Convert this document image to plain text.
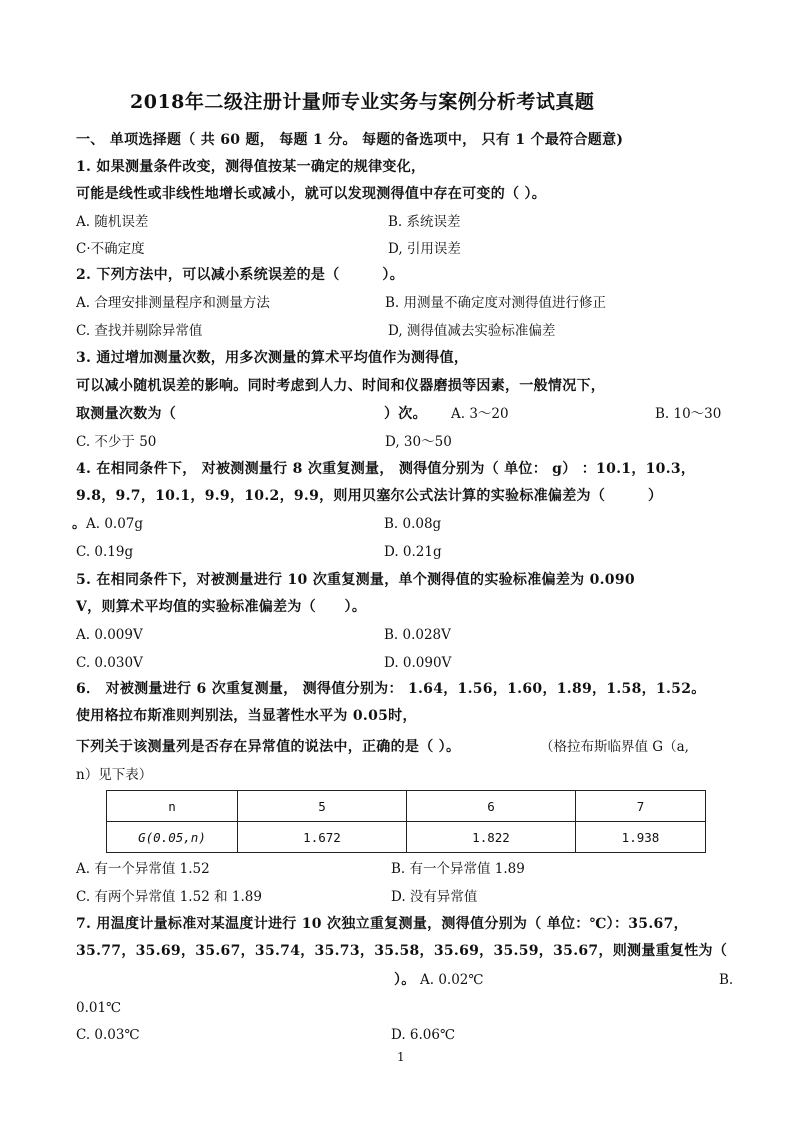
2018年二级注册计量师专业实务与案例分析考试真题
一、 单项选择题（ 共 60 题， 每题 1 分。 每题的备选项中， 只有 1 个最符合题意)
1. 如果测量条件改变，测得值按某一确定的规律变化，
可能是线性或非线性地增长或减小，就可以发现测得值中存在可变的（ ）。
A. 随机误差	B. 系统误差
C·不确定度	D, 引用误差
2. 下列方法中，可以减小系统误差的是（　　　）。
A. 合理安排测量程序和测量方法	B. 用测量不确定度对测得值进行修正
C. 查找并剔除异常值	D, 测得值减去实验标准偏差
3. 通过增加测量次数，用多次测量的算术平均值作为测得值，
可以减小随机误差的影响。同时考虑到人力、时间和仪器磨损等因素，一般情况下，
取测量次数为（	）次。 A. 3～20	B. 10～30
C. 不少于 50	D, 30～50
4. 在相同条件下， 对被测测量行 8 次重复测量， 测得值分别为（ 单位： g） ：10.1，10.3，
9.8，9.7，10.1，9.9，10.2，9.9，则用贝塞尔公式法计算的实验标准偏差为（　　　）
。 A. 0.07g	B. 0.08g
C. 0.19g	D. 0.21g
5. 在相同条件下，对被测量进行 10 次重复测量，单个测得值的实验标准偏差为 0.090
V，则算术平均值的实验标准偏差为（　　）。
A. 0.009V	B. 0.028V
C. 0.030V	D. 0.090V
6． 对被测量进行 6 次重复测量， 测得值分别为： 1.64，1.56，1.60，1.89，1.58，1.52。
使用格拉布斯准则判别法，当显著性水平为 0.05时，
下列关于该测量列是否存在异常值的说法中，正确的是（ ）。	（格拉布斯临界值 G（a,
n）见下表）
n	5	6	7
G(0.05,n)	1.672	1.822	1.938
A. 有一个异常值 1.52	B. 有一个异常值 1.89
C. 有两个异常值 1.52 和 1.89	D. 没有异常值
7. 用温度计量标准对某温度计进行 10 次独立重复测量，测得值分别为（ 单位：℃）：35.67，
35.77，35.69，35.67，35.74，35.73，35.58，35.69，35.59，35.67，则测量重复性为（
）。 A. 0.02℃	B.
0.01℃
C. 0.03℃	D. 6.06℃
1
